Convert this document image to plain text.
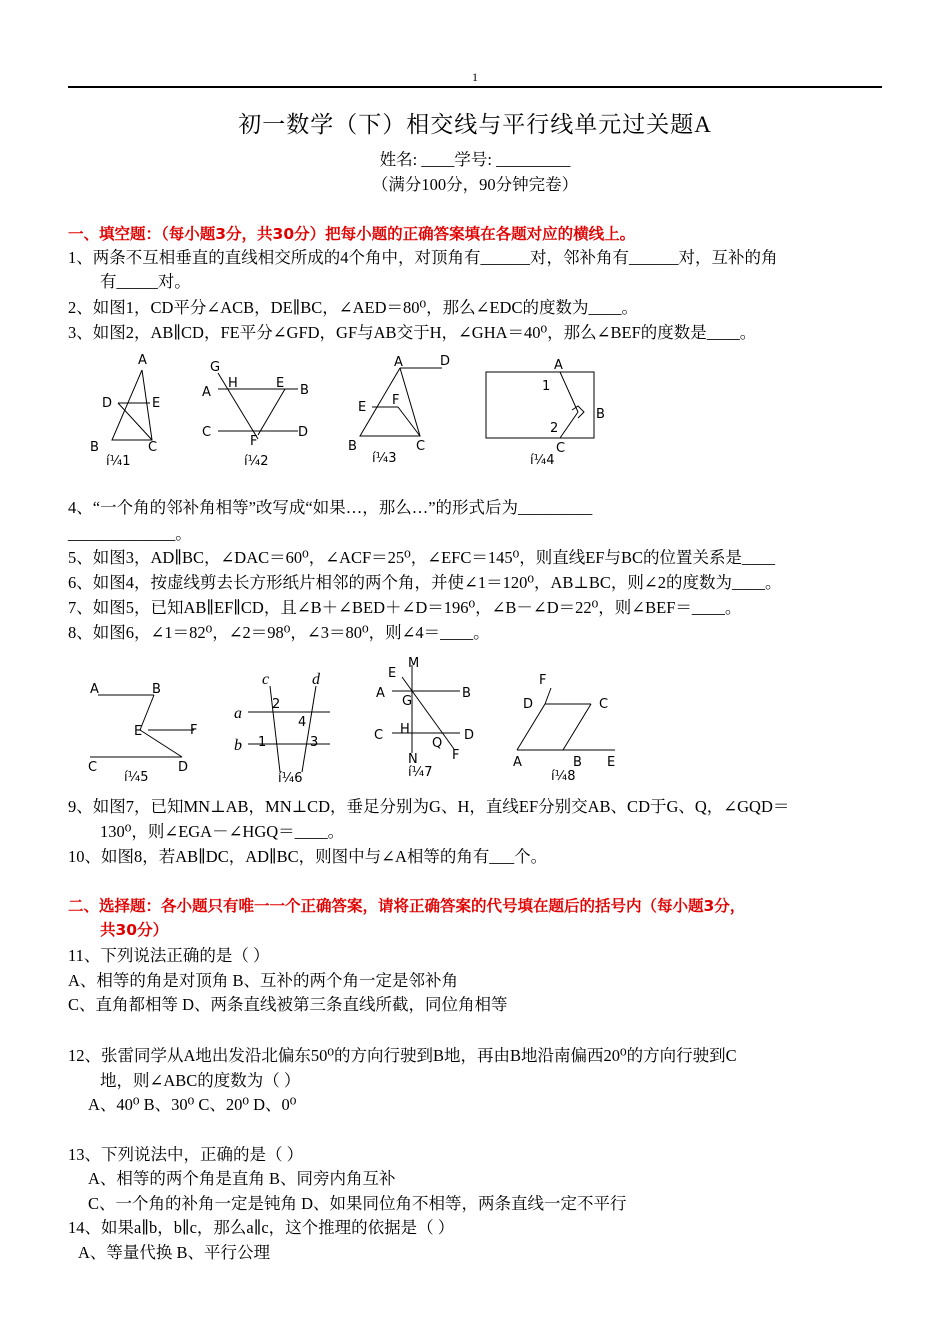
1
初一数学（下）相交线与平行线单元过关题A
姓名: ____学号: _________
（满分100分，90分钟完卷）
一、填空题：（每小题3分，共30分）把每小题的正确答案填在各题对应的横线上。
1、两条不互相垂直的直线相交所成的4个角中，对顶角有______对，邻补角有______对，互补的角
有_____对。
2、如图1，CD平分∠ACB，DE∥BC，∠AED＝80⁰，那么∠EDC的度数为____。
3、如图2，AB∥CD，FE平分∠GFD，GF与AB交于H，∠GHA＝40⁰，那么∠BEF的度数是____。
A
D	E
B	C
í¼1
G
A
H	E B
C
F
D
í¼2
A	D
E F
B	C
í¼3
A
1
B
2
C
í¼4
4、“一个角的邻补角相等”改写成“如果…，那么…”的形式后为_________
_____________。
5、如图3，AD∥BC，∠DAC＝60⁰，∠ACF＝25⁰，∠EFC＝145⁰，则直线EF与BC的位置关系是____
6、如图4，按虚线剪去长方形纸片相邻的两个角，并使∠1＝120⁰，AB⊥BC，则∠2的度数为____。
7、如图5，已知AB∥EF∥CD，且∠B＋∠BED＋∠D＝196⁰，∠B－∠D＝22⁰，则∠BEF＝____。
8、如图6，∠1＝82⁰，∠2＝98⁰，∠3＝80⁰，则∠4＝____。
A	B
E	F
C	D
í¼5
c	d
a
2
4
b 1	3
í¼6
M
E
A
G
B
C H	D
Q
N	F
í¼7
F
D	C
A	B E
í¼8
9、如图7，已知MN⊥AB，MN⊥CD，垂足分别为G、H，直线EF分别交AB、CD于G、Q，∠GQD＝
130⁰，则∠EGA－∠HGQ＝____。
10、如图8，若AB∥DC，AD∥BC，则图中与∠A相等的角有___个。
二、选择题：各小题只有唯一一个正确答案，请将正确答案的代号填在题后的括号内（每小题3分，
共30分）
11、下列说法正确的是（ ）
A、相等的角是对顶角 B、互补的两个角一定是邻补角
C、直角都相等 D、两条直线被第三条直线所截，同位角相等
12、张雷同学从A地出发沿北偏东50⁰的方向行驶到B地，再由B地沿南偏西20⁰的方向行驶到C
地，则∠ABC的度数为（ ）
A、40⁰ B、30⁰ C、20⁰ D、0⁰
13、下列说法中，正确的是（ ）
A、相等的两个角是直角 B、同旁内角互补
C、一个角的补角一定是钝角 D、如果同位角不相等，两条直线一定不平行
14、如果a∥b，b∥c，那么a∥c，这个推理的依据是（ ）
A、等量代换 B、平行公理
